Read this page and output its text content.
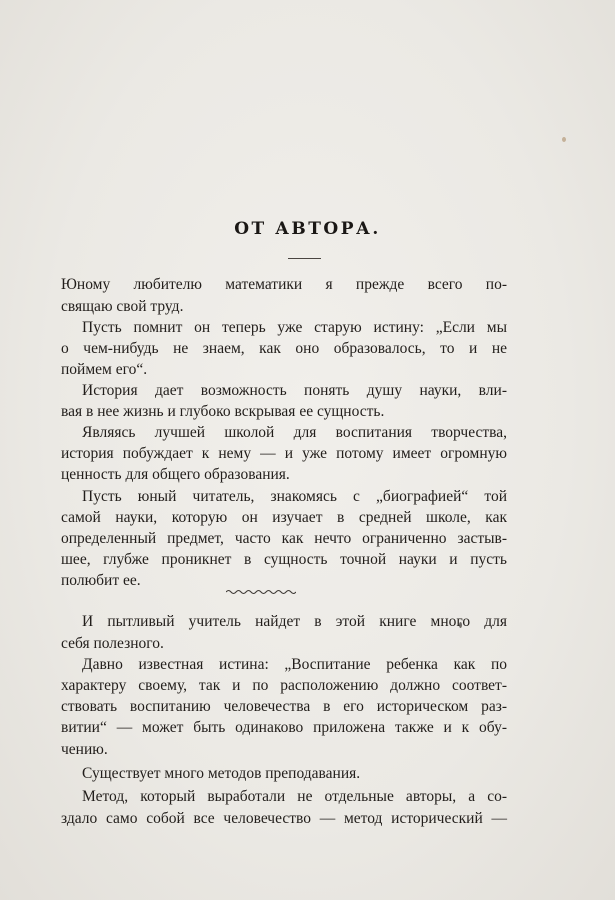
ОТ АВТОРА.
Юному любителю математики я прежде всего по-
свящаю свой труд.
Пусть помнит он теперь уже старую истину: „Если мы
о чем-нибудь не знаем, как оно образовалось, то и не
поймем его“.
История дает возможность понять душу науки, вли-
вая в нее жизнь и глубоко вскрывая ее сущность.
Являясь лучшей школой для воспитания творчества,
история побуждает к нему — и уже потому имеет огромную
ценность для общего образования.
Пусть юный читатель, знакомясь с „биографией“ той
самой науки, которую он изучает в средней школе, как
определенный предмет, часто как нечто ограниченно застыв-
шее, глубже проникнет в сущность точной науки и пусть
полюбит ее.
И пытливый учитель найдет в этой книге много для
себя полезного.
Давно известная истина: „Воспитание ребенка как по
характеру своему, так и по расположению должно соответ-
ствовать воспитанию человечества в его историческом раз-
витии“ — может быть одинаково приложена также и к обу-
чению.
Существует много методов преподавания.
Метод, который выработали не отдельные авторы, а со-
здало само собой все человечество — метод исторический —
